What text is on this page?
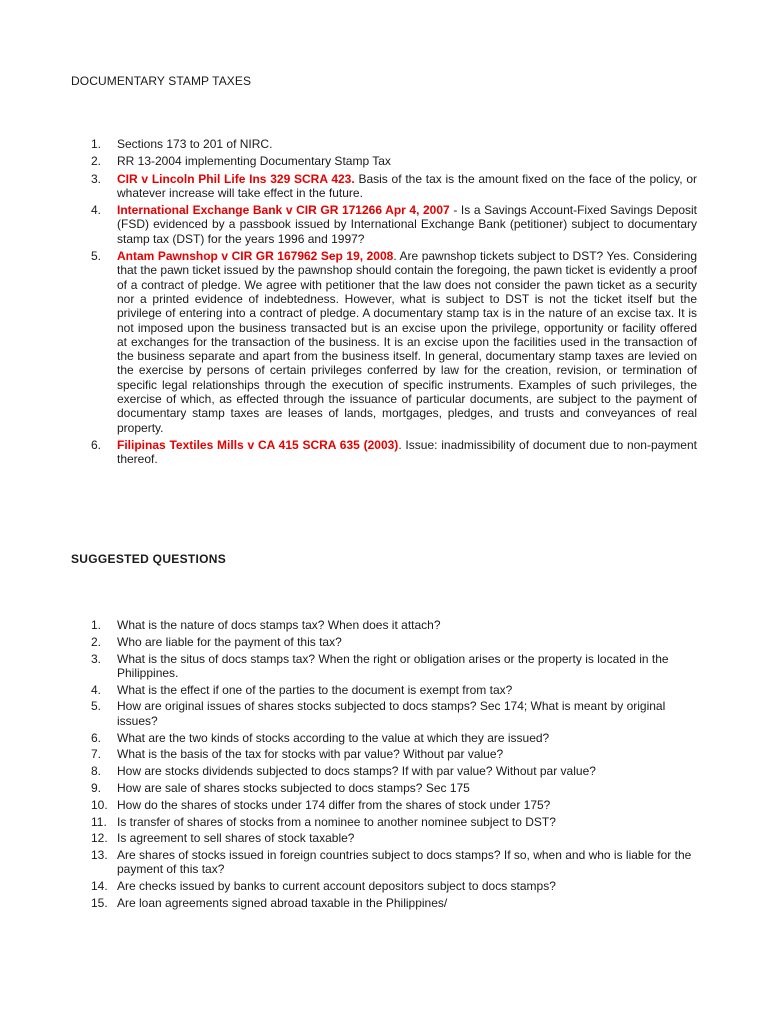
DOCUMENTARY STAMP TAXES
1. Sections 173 to 201 of NIRC.
2. RR 13-2004 implementing Documentary Stamp Tax
3. CIR v Lincoln Phil Life Ins 329 SCRA 423. Basis of the tax is the amount fixed on the face of the policy, or whatever increase will take effect in the future.
4. International Exchange Bank v CIR GR 171266 Apr 4, 2007 - Is a Savings Account-Fixed Savings Deposit (FSD) evidenced by a passbook issued by International Exchange Bank (petitioner) subject to documentary stamp tax (DST) for the years 1996 and 1997?
5. Antam Pawnshop v CIR GR 167962 Sep 19, 2008. Are pawnshop tickets subject to DST? Yes. Considering that the pawn ticket issued by the pawnshop should contain the foregoing, the pawn ticket is evidently a proof of a contract of pledge. We agree with petitioner that the law does not consider the pawn ticket as a security nor a printed evidence of indebtedness. However, what is subject to DST is not the ticket itself but the privilege of entering into a contract of pledge. A documentary stamp tax is in the nature of an excise tax. It is not imposed upon the business transacted but is an excise upon the privilege, opportunity or facility offered at exchanges for the transaction of the business. It is an excise upon the facilities used in the transaction of the business separate and apart from the business itself. In general, documentary stamp taxes are levied on the exercise by persons of certain privileges conferred by law for the creation, revision, or termination of specific legal relationships through the execution of specific instruments. Examples of such privileges, the exercise of which, as effected through the issuance of particular documents, are subject to the payment of documentary stamp taxes are leases of lands, mortgages, pledges, and trusts and conveyances of real property.
6. Filipinas Textiles Mills v CA 415 SCRA 635 (2003). Issue: inadmissibility of document due to non-payment thereof.
SUGGESTED QUESTIONS
1. What is the nature of docs stamps tax? When does it attach?
2. Who are liable for the payment of this tax?
3. What is the situs of docs stamps tax? When the right or obligation arises or the property is located in the Philippines.
4. What is the effect if one of the parties to the document is exempt from tax?
5. How are original issues of shares stocks subjected to docs stamps? Sec 174; What is meant by original issues?
6. What are the two kinds of stocks according to the value at which they are issued?
7. What is the basis of the tax for stocks with par value? Without par value?
8. How are stocks dividends subjected to docs stamps? If with par value? Without par value?
9. How are sale of shares stocks subjected to docs stamps? Sec 175
10. How do the shares of stocks under 174 differ from the shares of stock under 175?
11. Is transfer of shares of stocks from a nominee to another nominee subject to DST?
12. Is agreement to sell shares of stock taxable?
13. Are shares of stocks issued in foreign countries subject to docs stamps? If so, when and who is liable for the payment of this tax?
14. Are checks issued by banks to current account depositors subject to docs stamps?
15. Are loan agreements signed abroad taxable in the Philippines/
